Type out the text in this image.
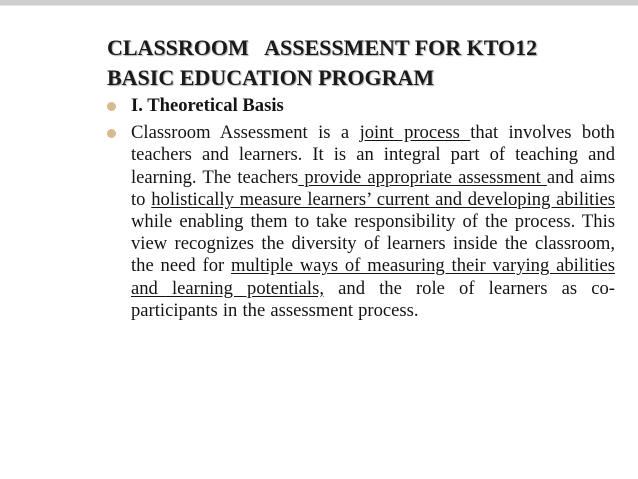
CLASSROOM   ASSESSMENT FOR KTO12
BASIC EDUCATION PROGRAM
I. Theoretical Basis
Classroom Assessment is a joint process that involves both teachers and learners. It is an integral part of teaching and learning. The teachers provide appropriate assessment and aims to holistically measure learners’ current and developing abilities while enabling them to take responsibility of the process. This view recognizes the diversity of learners inside the classroom, the need for multiple ways of measuring their varying abilities and learning potentials, and the role of learners as co-participants in the assessment process.
